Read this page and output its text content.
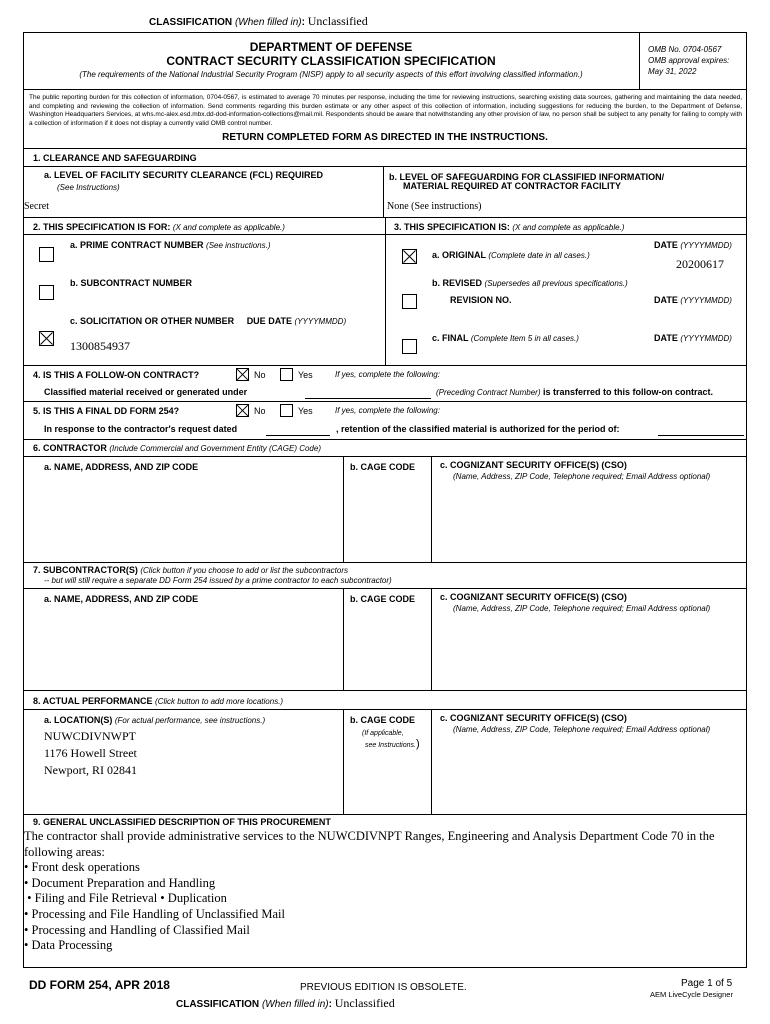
CLASSIFICATION (When filled in): Unclassified
DEPARTMENT OF DEFENSE
CONTRACT SECURITY CLASSIFICATION SPECIFICATION
(The requirements of the National Industrial Security Program (NISP) apply to all security aspects of this effort involving classified information.)
OMB No. 0704-0567
OMB approval expires:
May 31, 2022
The public reporting burden for this collection of information, 0704-0567, is estimated to average 70 minutes per response, including the time for reviewing instructions, searching existing data sources, gathering and maintaining the data needed, and completing and reviewing the collection of information. Send comments regarding this burden estimate or any other aspect of this collection of information, including suggestions for reducing the burden, to the Department of Defense, Washington Headquarters Services, at whs.mc-alex.esd.mbx.dd-dod-information-collections@mail.mil. Respondents should be aware that notwithstanding any other provision of law, no person shall be subject to any penalty for failing to comply with a collection of information if it does not display a currently valid OMB control number.
RETURN COMPLETED FORM AS DIRECTED IN THE INSTRUCTIONS.
1. CLEARANCE AND SAFEGUARDING
a. LEVEL OF FACILITY SECURITY CLEARANCE (FCL) REQUIRED
(See Instructions)
Secret
b. LEVEL OF SAFEGUARDING FOR CLASSIFIED INFORMATION/
MATERIAL REQUIRED AT CONTRACTOR FACILITY
None (See instructions)
2. THIS SPECIFICATION IS FOR: (X and complete as applicable.)	3. THIS SPECIFICATION IS: (X and complete as applicable.)
a. PRIME CONTRACT NUMBER (See instructions.)
b. SUBCONTRACT NUMBER
c. SOLICITATION OR OTHER NUMBER DUE DATE (YYYYMMDD)
1300854937
DATE (YYYYMMDD)
a. ORIGINAL (Complete date in all cases.)
20200617
b. REVISED (Supersedes all previous specifications.)
REVISION NO.	DATE (YYYYMMDD)
c. FINAL (Complete Item 5 in all cases.)	DATE (YYYYMMDD)
4. IS THIS A FOLLOW-ON CONTRACT?	No	Yes	If yes, complete the following:
Classified material received or generated under	(Preceding Contract Number) is transferred to this follow-on contract.
5. IS THIS A FINAL DD FORM 254?	No	Yes	If yes, complete the following:
In response to the contractor's request dated	, retention of the classified material is authorized for the period of:
6. CONTRACTOR (Include Commercial and Government Entity (CAGE) Code)
a. NAME, ADDRESS, AND ZIP CODE	b. CAGE CODE	c. COGNIZANT SECURITY OFFICE(S) (CSO)
(Name, Address, ZIP Code, Telephone required; Email Address optional)
7. SUBCONTRACTOR(S) (Click button if you choose to add or list the subcontractors
-- but will still require a separate DD Form 254 issued by a prime contractor to each subcontractor)
a. NAME, ADDRESS, AND ZIP CODE	b. CAGE CODE	c. COGNIZANT SECURITY OFFICE(S) (CSO)
(Name, Address, ZIP Code, Telephone required; Email Address optional)
8. ACTUAL PERFORMANCE (Click button to add more locations.)
a. LOCATION(S) (For actual performance, see instructions.)
NUWCDIVNWPT
1176 Howell Street
Newport, RI 02841
b. CAGE CODE
(If applicable,
see Instructions.)
c. COGNIZANT SECURITY OFFICE(S) (CSO)
(Name, Address, ZIP Code, Telephone required; Email Address optional)
9. GENERAL UNCLASSIFIED DESCRIPTION OF THIS PROCUREMENT
The contractor shall provide administrative services to the NUWCDIVNPT Ranges, Engineering and Analysis Department Code 70 in the
following areas:
• Front desk operations
• Document Preparation and Handling
• Filing and File Retrieval • Duplication
• Processing and File Handling of Unclassified Mail
• Processing and Handling of Classified Mail
• Data Processing
DD FORM 254, APR 2018	PREVIOUS EDITION IS OBSOLETE.	Page 1 of 5
AEM LiveCycle Designer
CLASSIFICATION (When filled in): Unclassified
